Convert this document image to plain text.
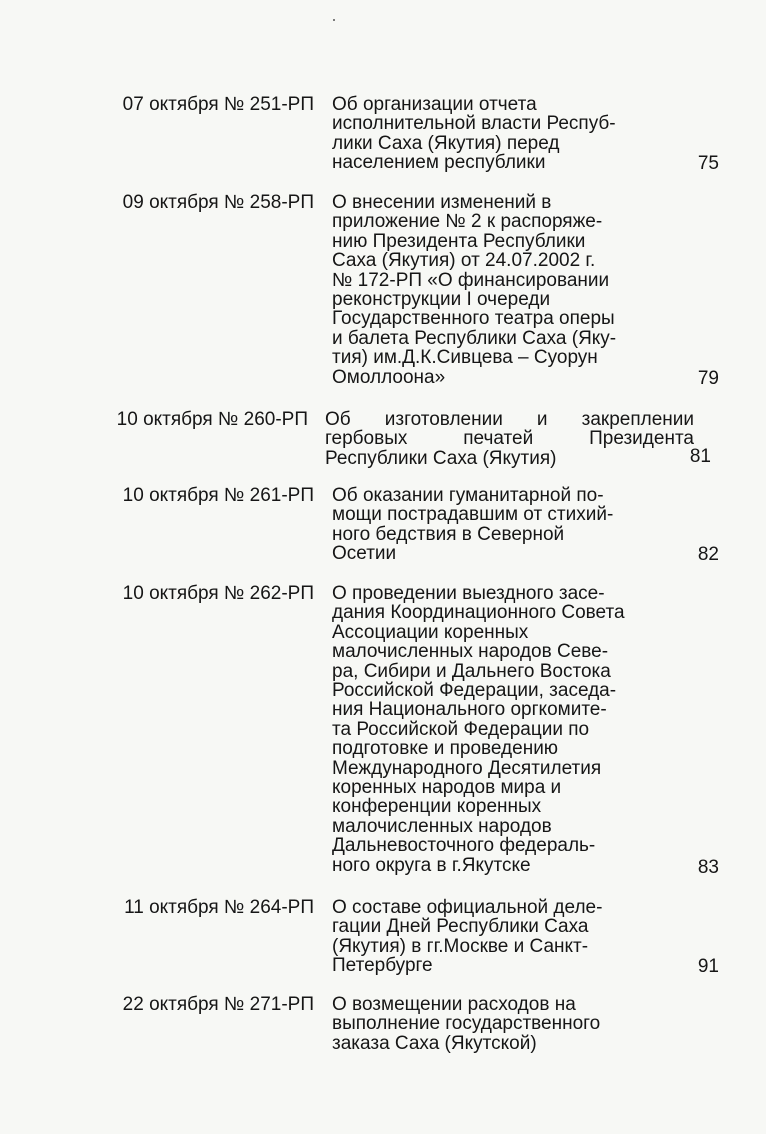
07 октября № 251-РП Об организации отчета
исполнительной власти Респуб-
лики Саха (Якутия) перед
населением республики	75
09 октября № 258-РП О внесении изменений в
приложение № 2 к распоряже-
нию Президента Республики
Саха (Якутия) от 24.07.2002 г.
№ 172-РП «О финансировании
реконструкции I очереди
Государственного театра оперы
и балета Республики Саха (Яку-
тия) им.Д.К.Сивцева – Суорун
Омоллоона»	79
10 октября № 260-РП Об изготовлении и закреплении
гербовых печатей Президента
Республики Саха (Якутия)	81
10 октября № 261-РП Об оказании гуманитарной по-
мощи пострадавшим от стихий-
ного бедствия в Северной
Осетии	82
10 октября № 262-РП О проведении выездного засе-
дания Координационного Совета
Ассоциации коренных
малочисленных народов Севе-
ра, Сибири и Дальнего Востока
Российской Федерации, заседа-
ния Национального оргкомите-
та Российской Федерации по
подготовке и проведению
Международного Десятилетия
коренных народов мира и
конференции коренных
малочисленных народов
Дальневосточного федераль-
ного округа в г.Якутске	83
11 октября № 264-РП О составе официальной деле-
гации Дней Республики Саха
(Якутия) в гг.Москве и Санкт-
Петербурге	91
22 октября № 271-РП О возмещении расходов на
выполнение государственного
заказа Саха (Якутской)
